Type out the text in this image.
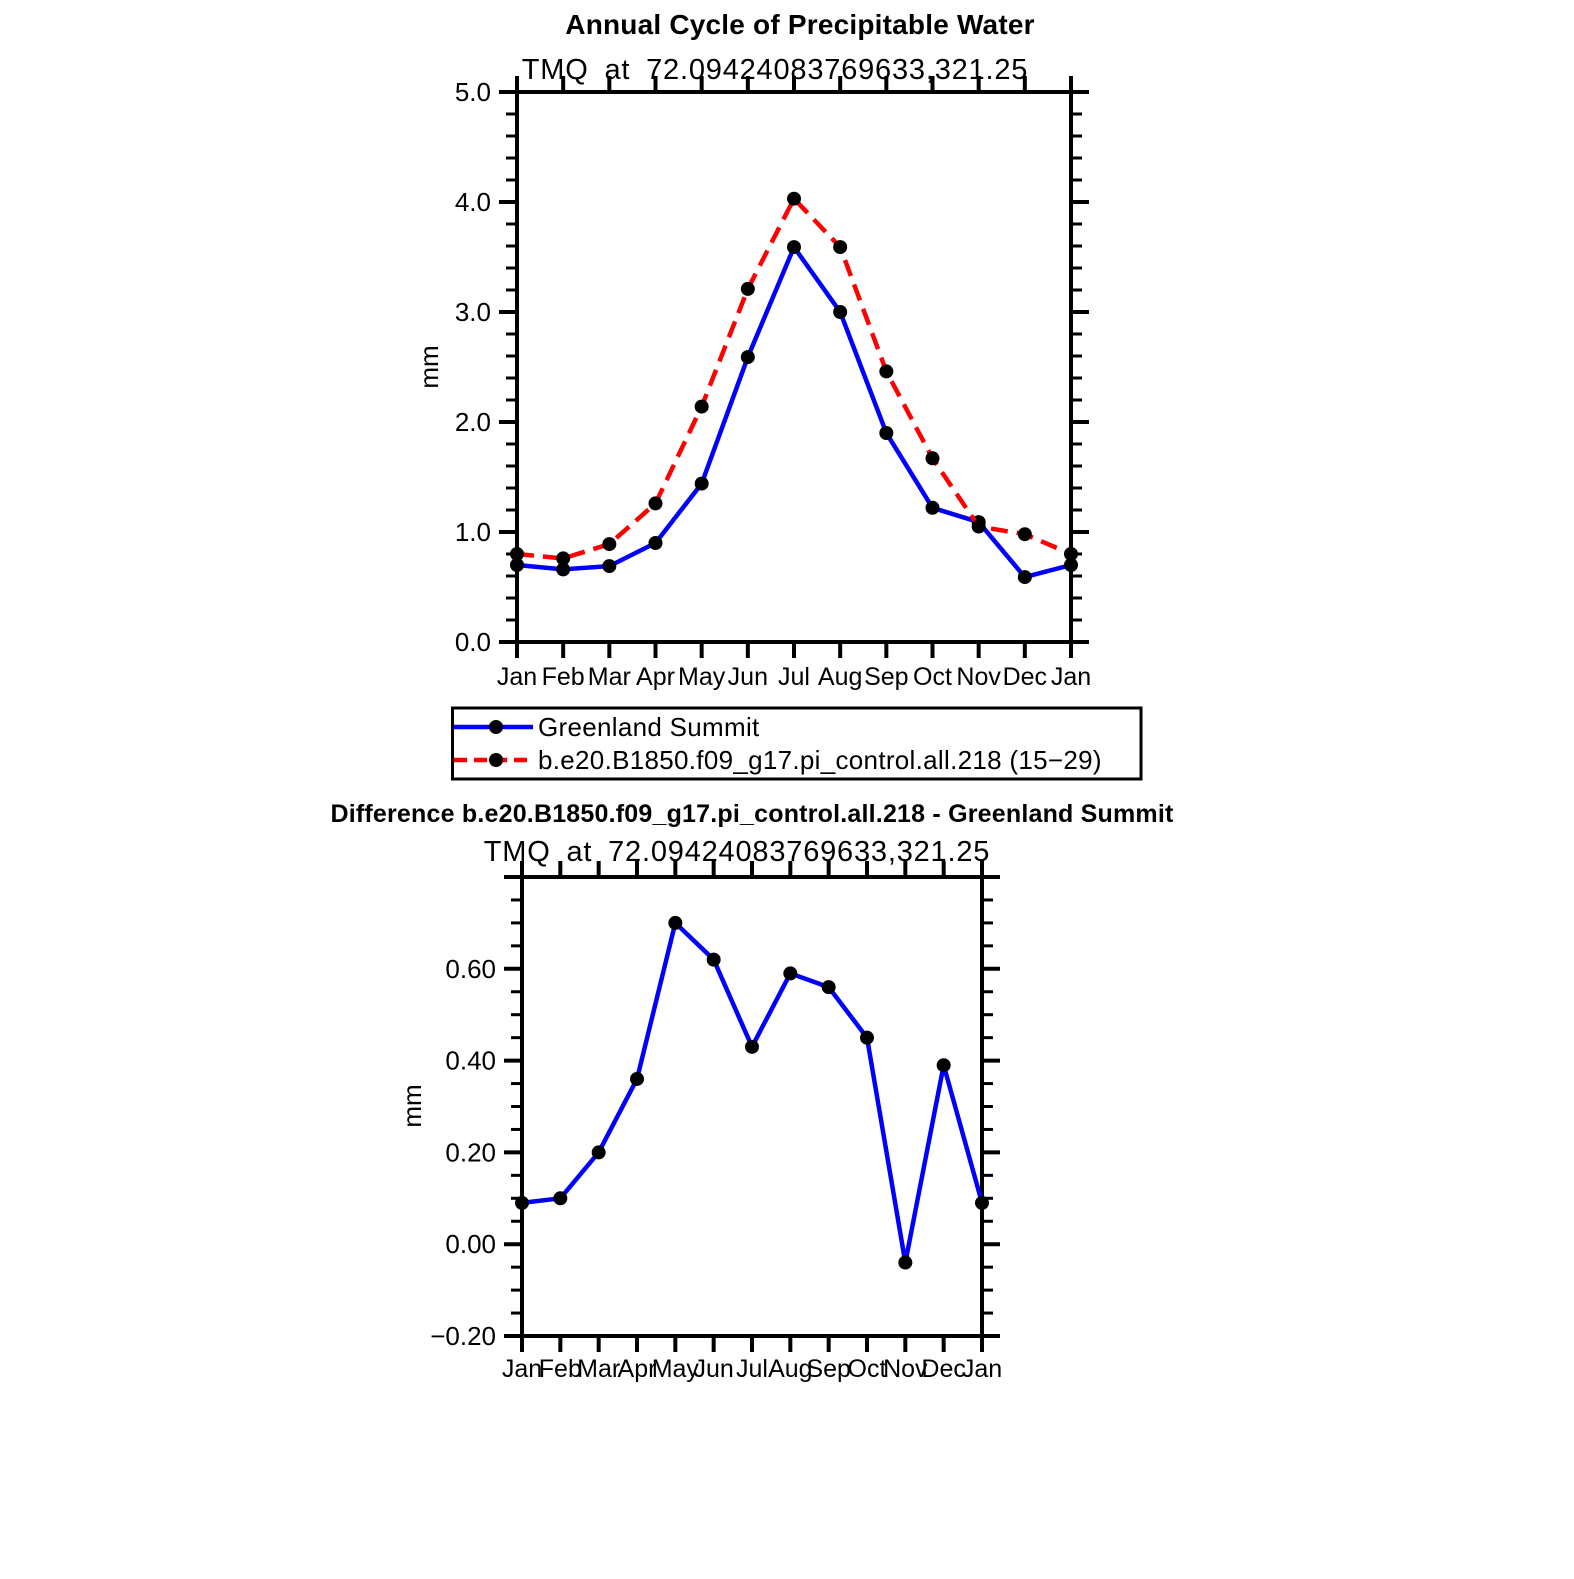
Annual Cycle of Precipitable Water
TMQ at 72.09424083769633,321.25
mm
0.0
1.0
2.0
3.0
4.0
5.0
Jan Feb Mar Apr May Jun Jul Aug Sep Oct Nov Dec Jan
Greenland Summit
b.e20.B1850.f09_g17.pi_control.all.218 (15−29)
Difference b.e20.B1850.f09_g17.pi_control.all.218 - Greenland Summit
TMQ at 72.09424083769633,321.25
mm
−0.20
0.00
0.20
0.40
0.60
Jan
Feb
Mar
Apr
May
Jun Jul Aug
Sep
Oct
Nov
Dec
Jan
